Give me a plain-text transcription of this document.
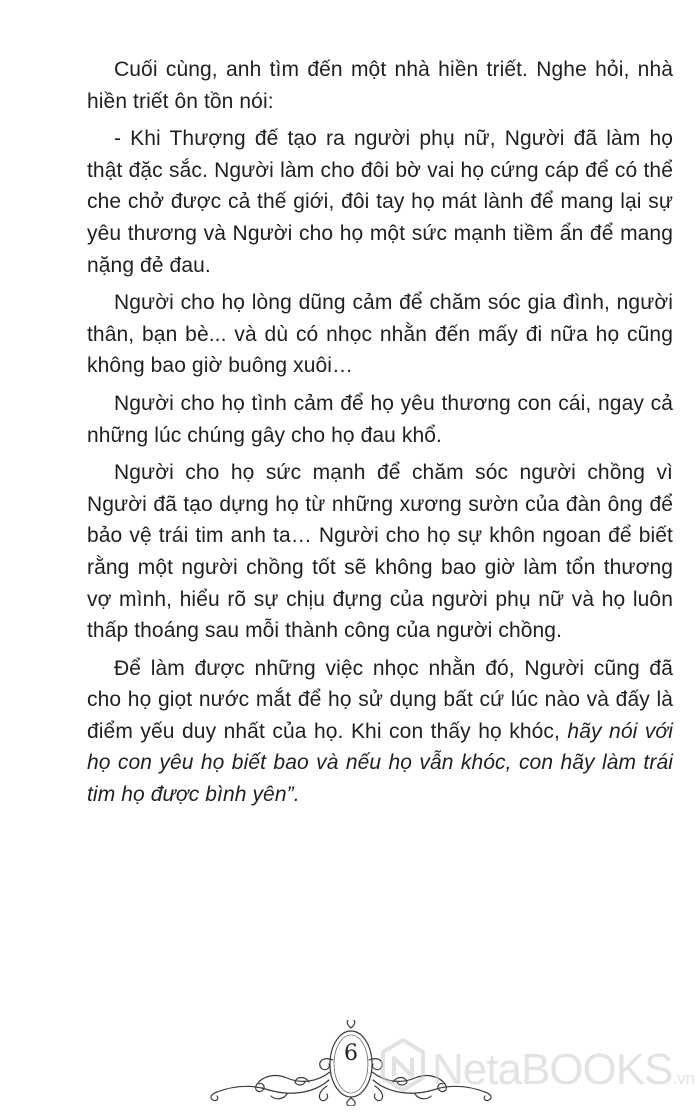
Cuối cùng, anh tìm đến một nhà hiền triết. Nghe hỏi, nhà hiền triết ôn tồn nói:

- Khi Thượng đế tạo ra người phụ nữ, Người đã làm họ thật đặc sắc. Người làm cho đôi bờ vai họ cứng cáp để có thể che chở được cả thế giới, đôi tay họ mát lành để mang lại sự yêu thương và Người cho họ một sức mạnh tiềm ẩn để mang nặng đẻ đau.

Người cho họ lòng dũng cảm để chăm sóc gia đình, người thân, bạn bè... và dù có nhọc nhằn đến mấy đi nữa họ cũng không bao giờ buông xuôi…

Người cho họ tình cảm để họ yêu thương con cái, ngay cả những lúc chúng gây cho họ đau khổ.

Người cho họ sức mạnh để chăm sóc người chồng vì Người đã tạo dựng họ từ những xương sườn của đàn ông để bảo vệ trái tim anh ta… Người cho họ sự khôn ngoan để biết rằng một người chồng tốt sẽ không bao giờ làm tổn thương vợ mình, hiểu rõ sự chịu đựng của người phụ nữ và họ luôn thấp thoáng sau mỗi thành công của người chồng.

Để làm được những việc nhọc nhằn đó, Người cũng đã cho họ giọt nước mắt để họ sử dụng bất cứ lúc nào và đấy là điểm yếu duy nhất của họ. Khi con thấy họ khóc, hãy nói với họ con yêu họ biết bao và nếu họ vẫn khóc, con hãy làm trái tim họ được bình yên”.

6 NetaBOOKS.vn
